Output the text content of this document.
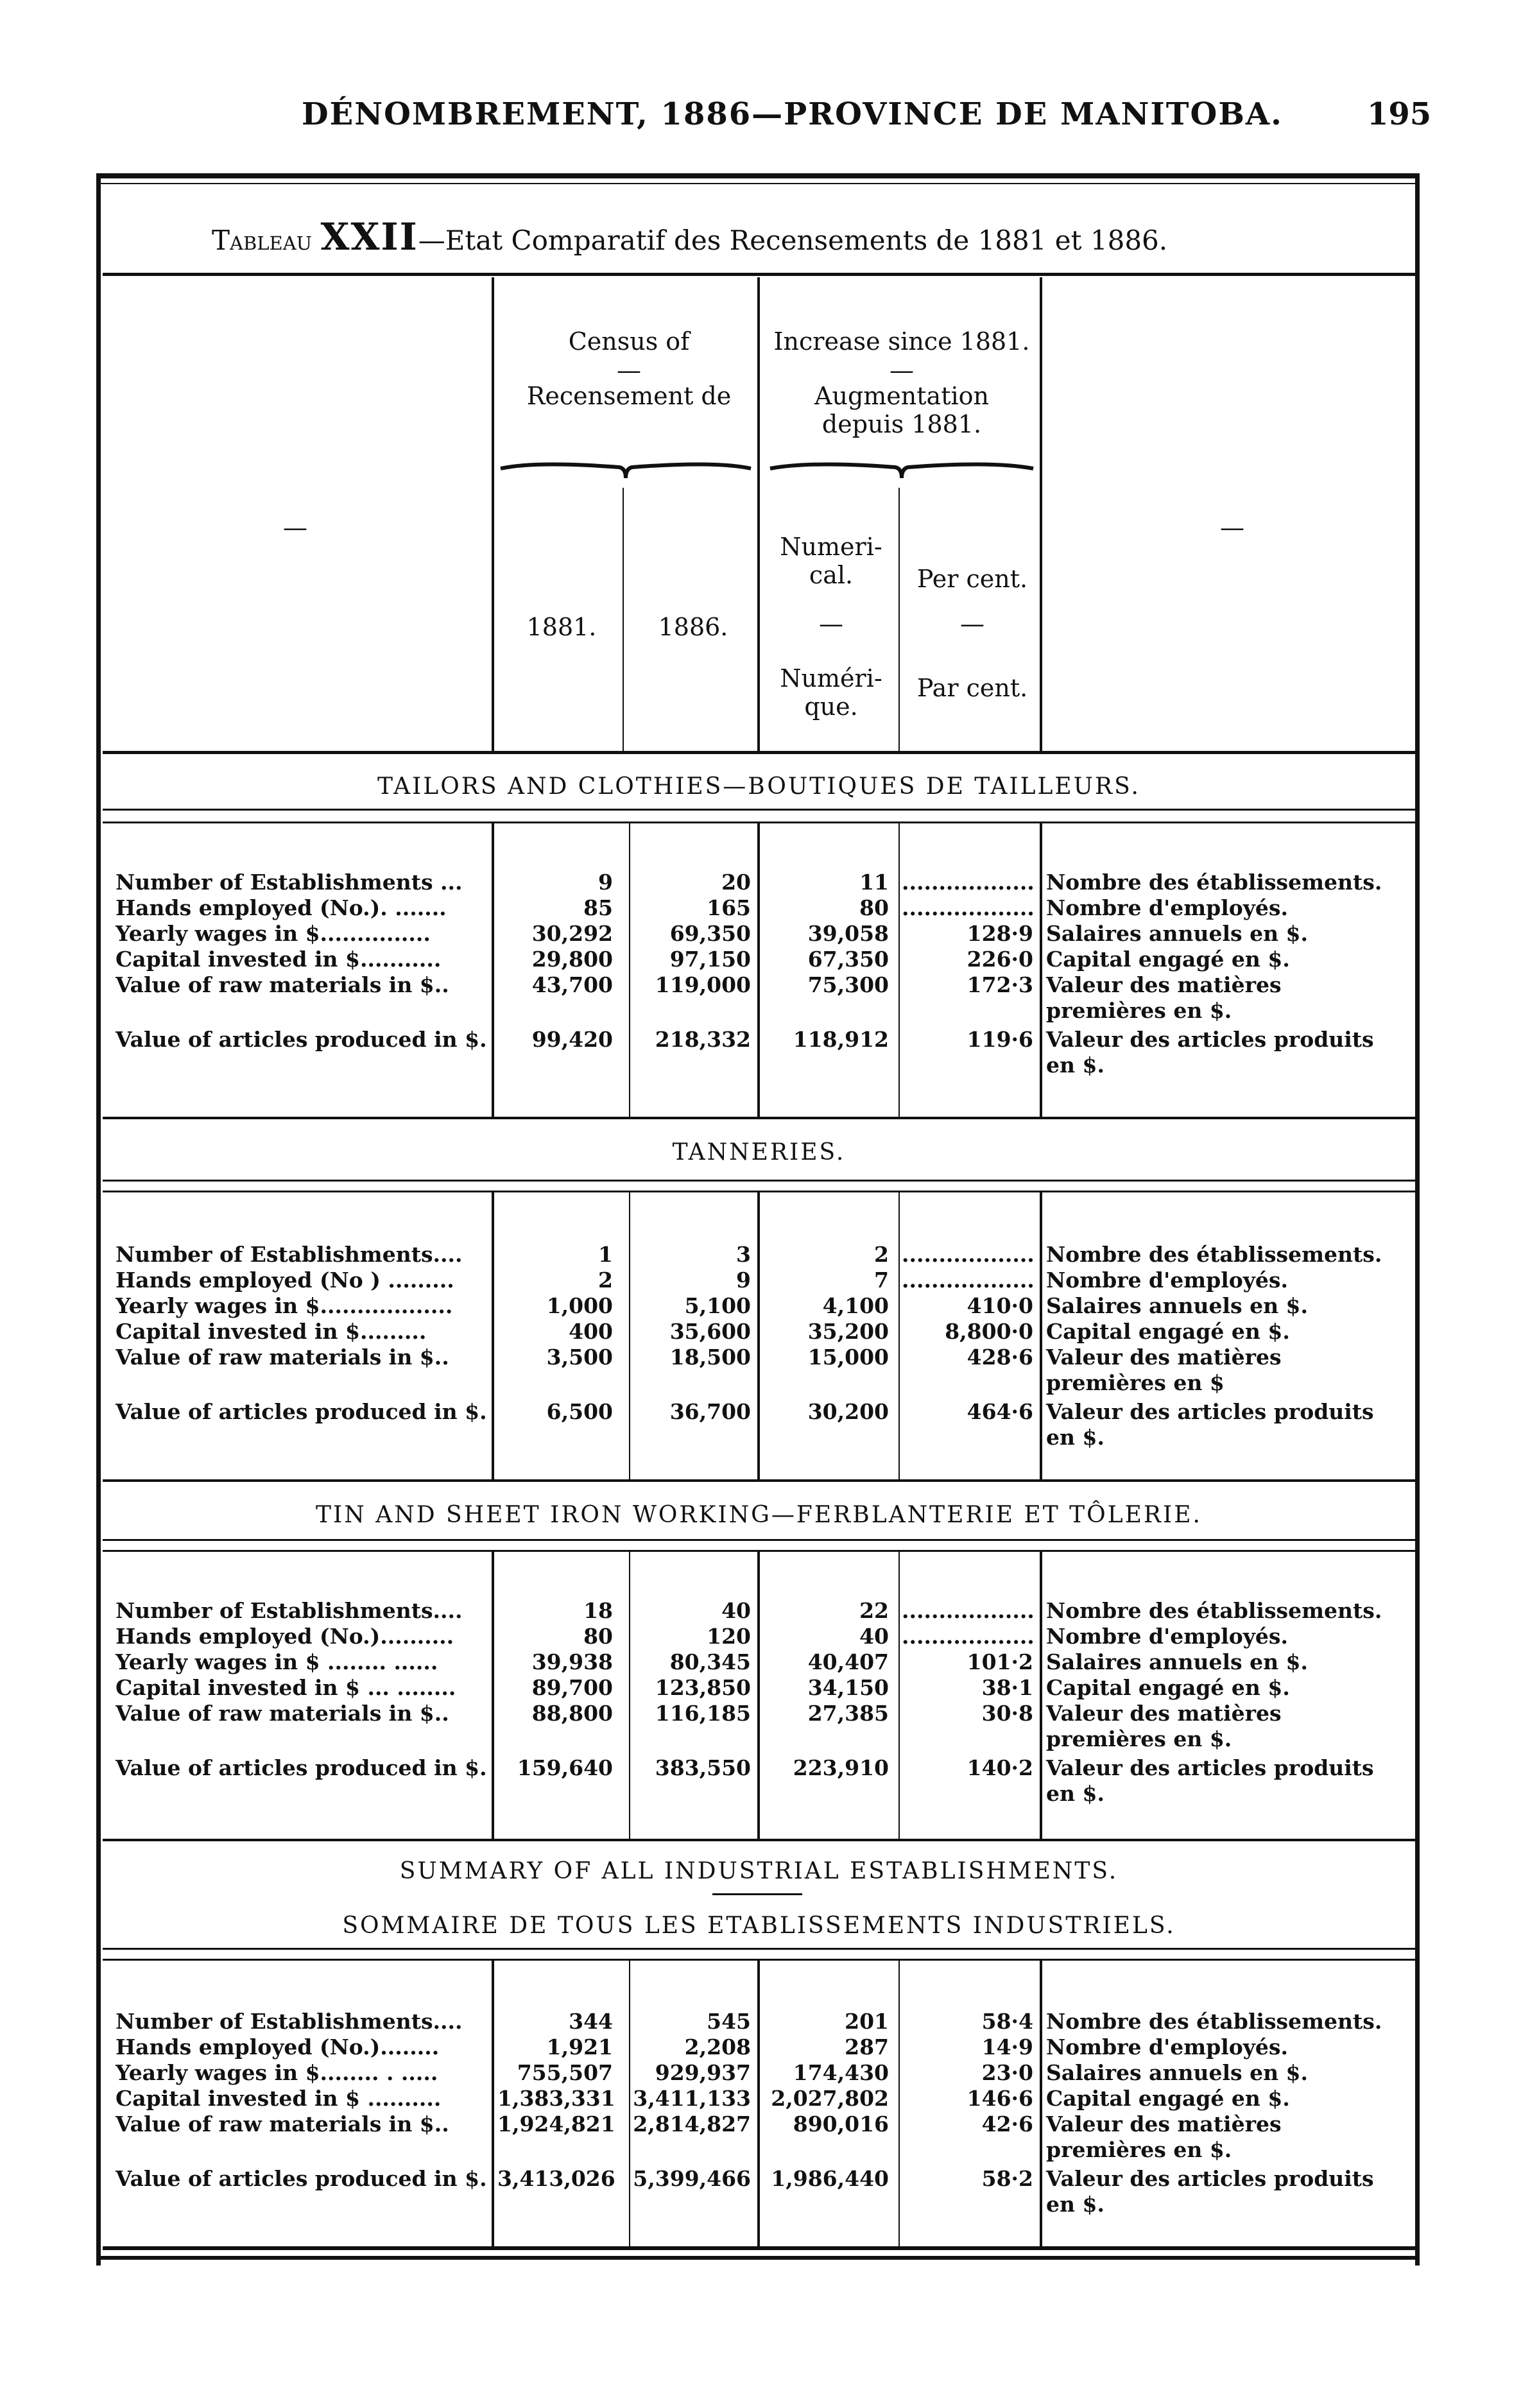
DÉNOMBREMENT, 1886—PROVINCE DE MANITOBA.	195
Tableau XXII—Etat Comparatif des Recensements de 1881 et 1886.
—	—
Census of
—
Recensement de
Increase since 1881.
—
Augmentation depuis 1881.
1881.	1886.
Numeri- cal.
—
Numéri- que.
Per cent.
—
Par cent.
TAILORS AND CLOTHIES—BOUTIQUES DE TAILLEURS.
Number of Establishments ...	9	20	11 .................. Nombre des établissements.
Hands employed (No.). .......	85	165	80 .................. Nombre d'employés.
Yearly wages in $...............	30,292	69,350	39,058	128·9 Salaires annuels en $.
Capital invested in $...........	29,800	97,150	67,350	226·0 Capital engagé en $.
Value of raw materials in $..	43,700	119,000	75,300	172·3 Valeur des matières premières en $.
Value of articles produced in $.	99,420	218,332	118,912	119·6 Valeur des articles produits en $.
TANNERIES.
Number of Establishments....	1	3	2 .................. Nombre des établissements.
Hands employed (No ) .........	2	9	7 .................. Nombre d'employés.
Yearly wages in $..................	1,000	5,100	4,100	410·0 Salaires annuels en $.
Capital invested in $.........	400	35,600	35,200	8,800·0 Capital engagé en $.
Value of raw materials in $..	3,500	18,500	15,000	428·6 Valeur des matières premières en $
Value of articles produced in $.	6,500	36,700	30,200	464·6 Valeur des articles produits en $.
TIN AND SHEET IRON WORKING—FERBLANTERIE ET TÔLERIE.
Number of Establishments....	18	40	22 .................. Nombre des établissements.
Hands employed (No.)..........	80	120	40 .................. Nombre d'employés.
Yearly wages in $ ........ ......	39,938	80,345	40,407	101·2 Salaires annuels en $.
Capital invested in $ ... ........	89,700	123,850	34,150	38·1 Capital engagé en $.
Value of raw materials in $..	88,800	116,185	27,385	30·8 Valeur des matières premières en $.
Value of articles produced in $.	159,640	383,550	223,910	140·2 Valeur des articles produits en $.
SUMMARY OF ALL INDUSTRIAL ESTABLISHMENTS.
SOMMAIRE DE TOUS LES ETABLISSEMENTS INDUSTRIELS.
Number of Establishments....	344	545	201	58·4 Nombre des établissements.
Hands employed (No.)........	1,921	2,208	287	14·9 Nombre d'employés.
Yearly wages in $........ . .....	755,507	929,937	174,430	23·0 Salaires annuels en $.
Capital invested in $ ..........	1,383,331 3,411,133 2,027,802	146·6 Capital engagé en $.
Value of raw materials in $..	1,924,821 2,814,827	890,016	42·6 Valeur des matières premières en $.
Value of articles produced in $. 3,413,026 5,399,466 1,986,440	58·2 Valeur des articles produits en $.
